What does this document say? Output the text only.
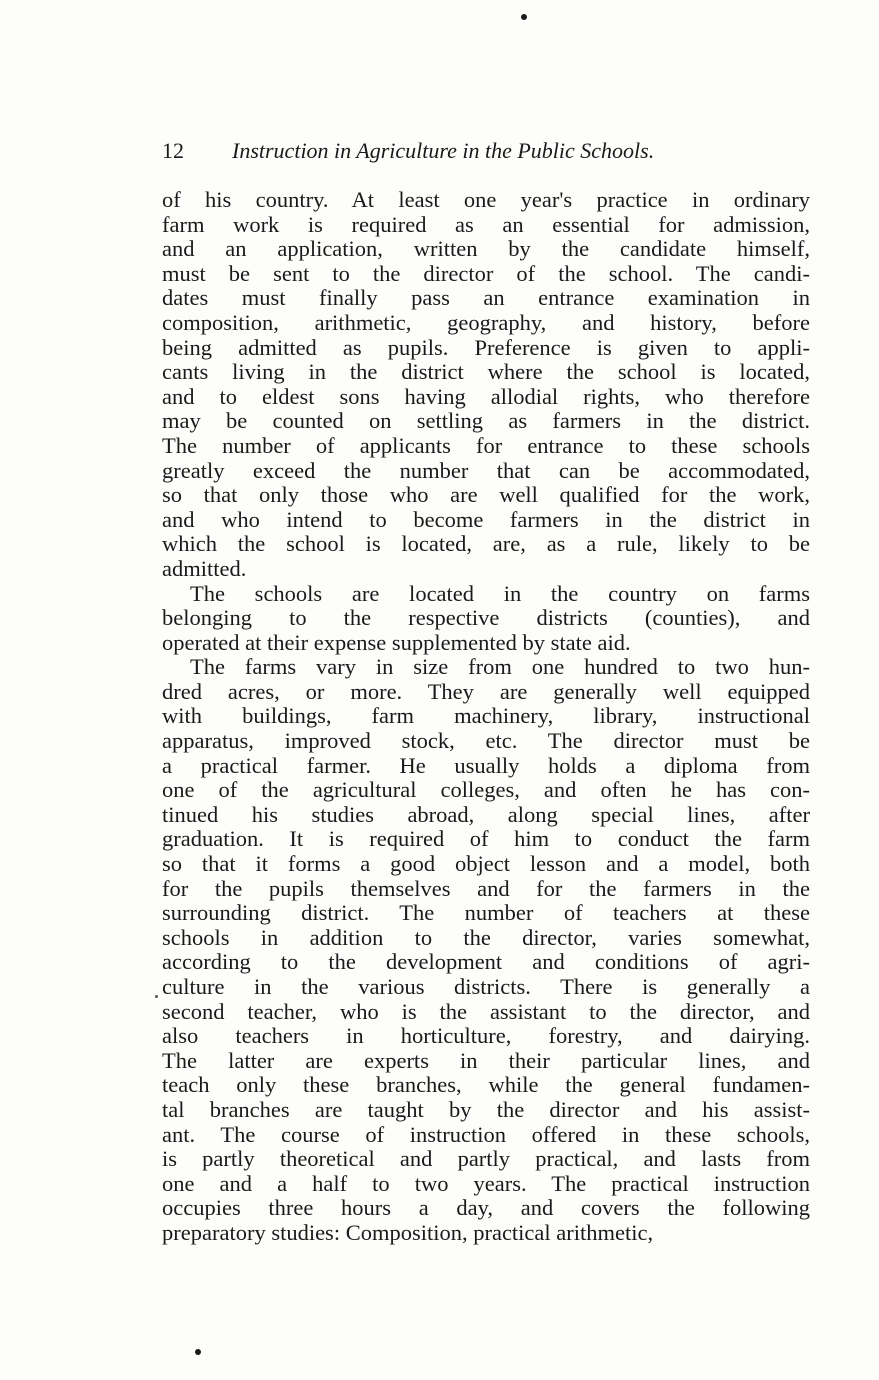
12 Instruction in Agriculture in the Public Schools.
of his country. At least one year's practice in ordinary
farm work is required as an essential for admission,
and an application, written by the candidate himself,
must be sent to the director of the school. The candi-
dates must finally pass an entrance examination in
composition, arithmetic, geography, and history, before
being admitted as pupils. Preference is given to appli-
cants living in the district where the school is located,
and to eldest sons having allodial rights, who therefore
may be counted on settling as farmers in the district.
The number of applicants for entrance to these schools
greatly exceed the number that can be accommodated,
so that only those who are well qualified for the work,
and who intend to become farmers in the district in
which the school is located, are, as a rule, likely to be
admitted.
The schools are located in the country on farms
belonging to the respective districts (counties), and
operated at their expense supplemented by state aid.
The farms vary in size from one hundred to two hun-
dred acres, or more. They are generally well equipped
with buildings, farm machinery, library, instructional
apparatus, improved stock, etc. The director must be
a practical farmer. He usually holds a diploma from
one of the agricultural colleges, and often he has con-
tinued his studies abroad, along special lines, after
graduation. It is required of him to conduct the farm
so that it forms a good object lesson and a model, both
for the pupils themselves and for the farmers in the
surrounding district. The number of teachers at these
schools in addition to the director, varies somewhat,
according to the development and conditions of agri-
culture in the various districts. There is generally a
second teacher, who is the assistant to the director, and
also teachers in horticulture, forestry, and dairying.
The latter are experts in their particular lines, and
teach only these branches, while the general fundamen-
tal branches are taught by the director and his assist-
ant. The course of instruction offered in these schools,
is partly theoretical and partly practical, and lasts from
one and a half to two years. The practical instruction
occupies three hours a day, and covers the following
preparatory studies: Composition, practical arithmetic,
